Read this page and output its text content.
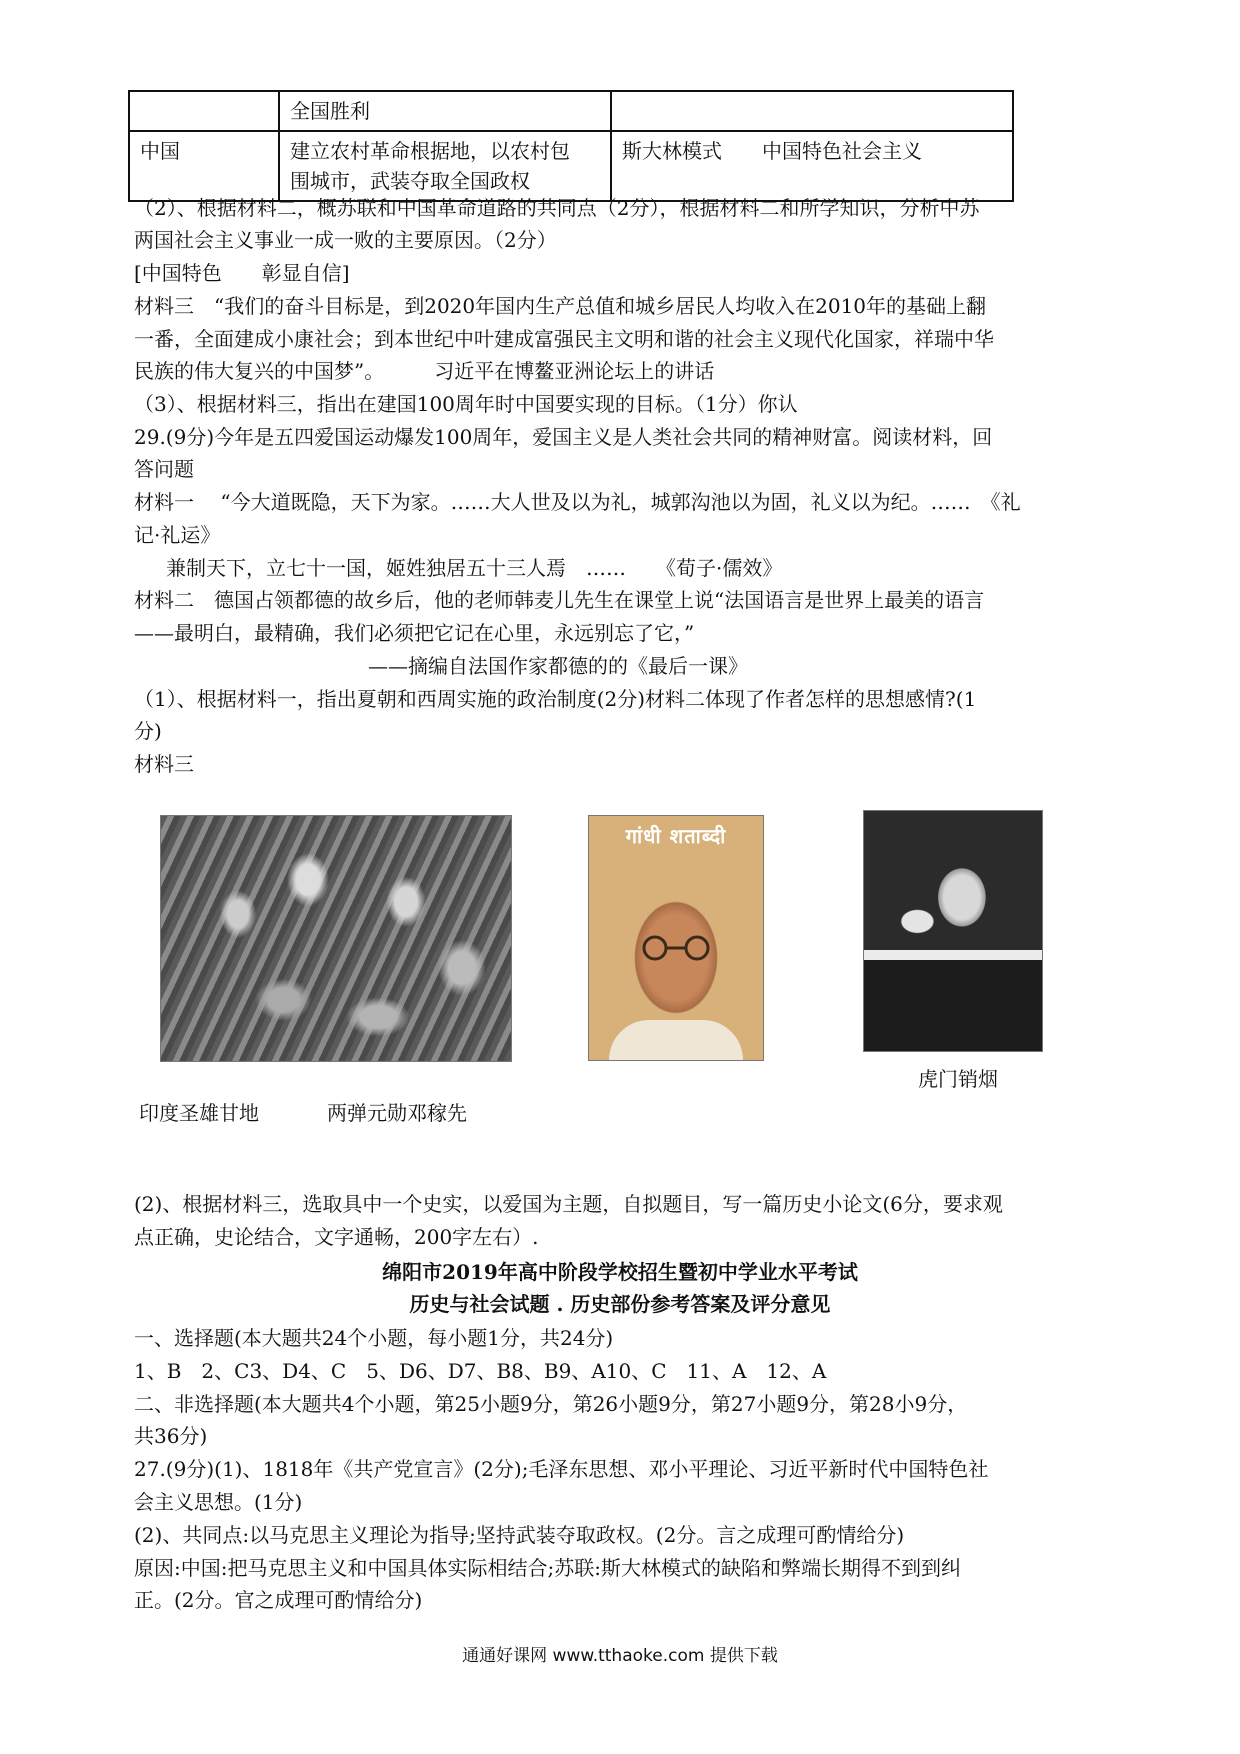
	全国胜利	
中国	建立农村革命根据地，以农村包
围城市，武装夺取全国政权	斯大林模式　　中国特色社会主义
（2）、根据材料二，概苏联和中国革命道路的共同点（2分），根据材料二和所学知识，分析中苏
两国社会主义事业一成一败的主要原因。（2分）
[中国特色　　彰显自信]
材料三　“我们的奋斗目标是，到2020年国内生产总值和城乡居民人均收入在2010年的基础上翻
一番，全面建成小康社会；到本世纪中叶建成富强民主文明和谐的社会主义现代化国家，祥瑞中华
民族的伟大复兴的中国梦”。　　　习近平在博鳌亚洲论坛上的讲话
（3）、根据材料三，指出在建国100周年时中国要实现的目标。（1分）你认
29.(9分)今年是五四爱国运动爆发100周年，爱国主义是人类社会共同的精神财富。阅读材料，回
答问题
材料一　 “今大道既隐，天下为家。……大人世及以为礼，城郭沟池以为固，礼义以为纪。……　《礼
记·礼运》
兼制天下，立七十一国，姬姓独居五十三人焉　……　　《荀子·儒效》
材料二　德国占领都德的故乡后，他的老师韩麦儿先生在课堂上说“法国语言是世界上最美的语言
——最明白，最精确，我们必须把它记在心里，永远别忘了它，”
——摘编自法国作家都德的的《最后一课》
（1）、根据材料一，指出夏朝和西周实施的政治制度(2分)材料二体现了作者怎样的思想感情?(1
分)
材料三
गांधी शताब्दी
虎门销烟
印度圣雄甘地	两弹元勋邓稼先
(2)、根据材料三，选取具中一个史实，以爱国为主题，自拟题目，写一篇历史小论文(6分，要求观
点正确，史论结合，文字通畅，200字左右）.
绵阳市2019年高中阶段学校招生暨初中学业水平考试
历史与社会试题 . 历史部份参考答案及评分意见
一、选择题(本大题共24个小题，每小题1分，共24分)
1、B　2、C3、D4、C　5、D6、D7、B8、B9、A10、C　11、A　12、A
二、非选择题(本大题共4个小题，第25小题9分，第26小题9分，第27小题9分，第28小9分，
共36分)
27.(9分)(1)、1818年《共产党宣言》(2分);毛泽东思想、邓小平理论、习近平新时代中国特色社
会主义思想。(1分)
(2)、共同点:以马克思主义理论为指导;坚持武装夺取政权。(2分。言之成理可酌情给分)
原因:中国:把马克思主义和中国具体实际相结合;苏联:斯大林模式的缺陷和弊端长期得不到到纠
正。(2分。官之成理可酌情给分)
通通好课网 www.tthaoke.com 提供下载
